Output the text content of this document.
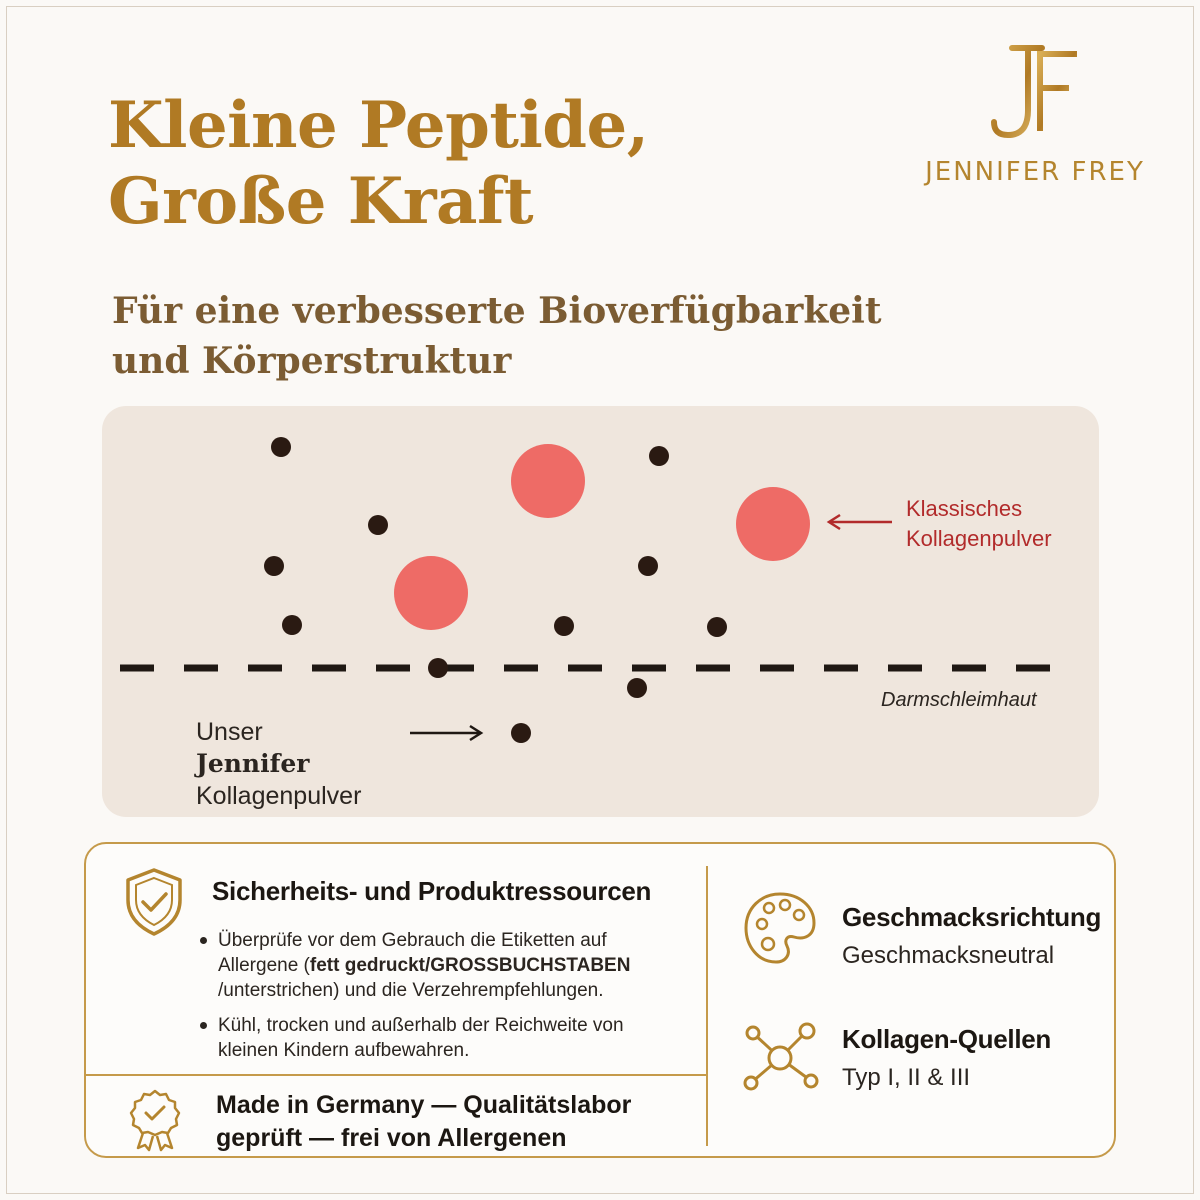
Kleine Peptide,
Große Kraft
Für eine verbesserte Bioverfügbarkeit
und Körperstruktur
JENNIFER FREY
Klassisches
Kollagenpulver
Darmschleimhaut
Unser
Jennifer
Kollagenpulver
Sicherheits- und Produktressourcen
Überprüfe vor dem Gebrauch die Etiketten auf Allergene (fett gedruckt/GROSSBUCHSTABEN /unterstrichen) und die Verzehrempfehlungen.
Kühl, trocken und außerhalb der Reichweite von kleinen Kindern aufbewahren.
Made in Germany — Qualitätslabor
geprüft — frei von Allergenen
Geschmacksrichtung
Geschmacksneutral
Kollagen-Quellen
Typ I, II & III
